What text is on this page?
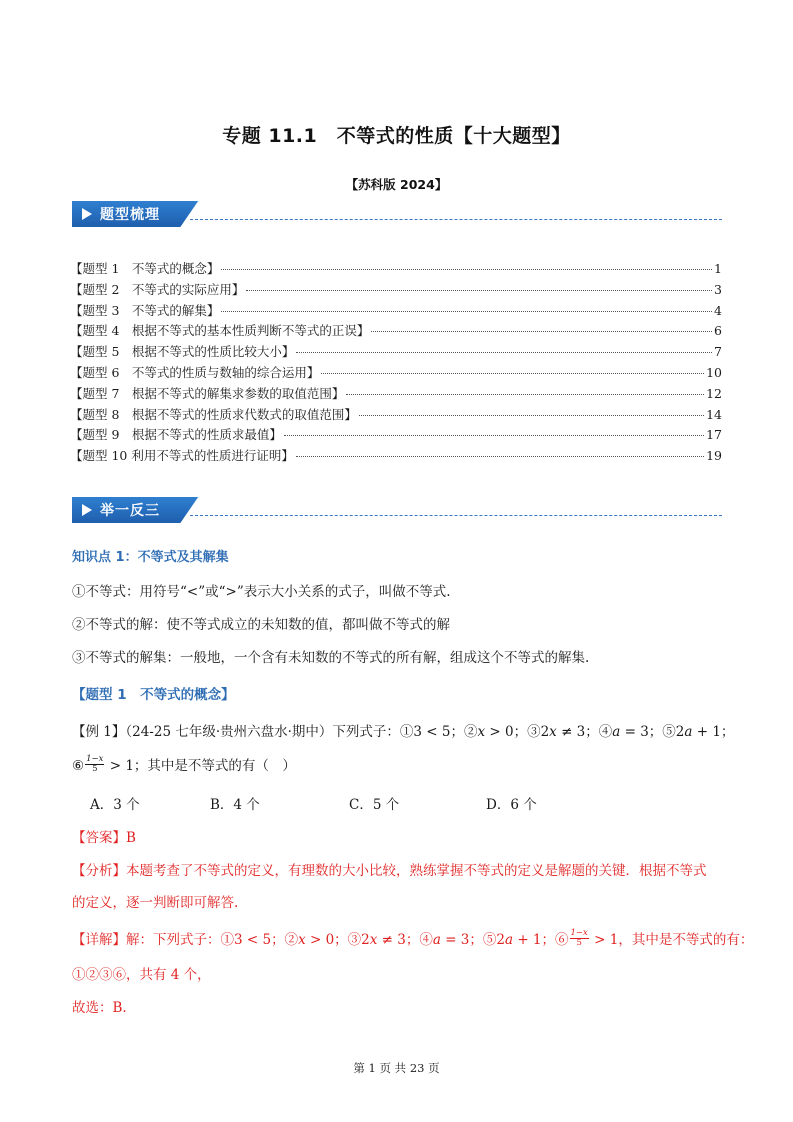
专题 11.1　不等式的性质【十大题型】
【苏科版 2024】
题型梳理
【题型 1　不等式的概念】	1
【题型 2　不等式的实际应用】	3
【题型 3　不等式的解集】	4
【题型 4　根据不等式的基本性质判断不等式的正误】	6
【题型 5　根据不等式的性质比较大小】	7
【题型 6　不等式的性质与数轴的综合运用】	10
【题型 7　根据不等式的解集求参数的取值范围】	12
【题型 8　根据不等式的性质求代数式的取值范围】	14
【题型 9　根据不等式的性质求最值】	17
【题型 10 利用不等式的性质进行证明】	19
举一反三
知识点 1：不等式及其解集
①不等式：用符号“<”或“>”表示大小关系的式子，叫做不等式.
②不等式的解：使不等式成立的未知数的值，都叫做不等式的解
③不等式的解集：一般地，一个含有未知数的不等式的所有解，组成这个不等式的解集.
【题型 1　不等式的概念】
【例 1】（24-25 七年级·贵州六盘水·期中）下列式子：①3 < 5；②𝑥 > 0；③2𝑥 ≠ 3；④𝑎 = 3；⑤2𝑎 + 1；
⑥ $\frac{\text{1−𝑥}}{5} > 1$；其中是不等式的有（　）
A．3 个	B．4 个	C．5 个	D．6 个
【答案】B
【分析】本题考查了不等式的定义，有理数的大小比较，熟练掌握不等式的定义是解题的关键．根据不等式
的定义，逐一判断即可解答.
【详解】解：下列式子：①3 < 5；②𝑥 > 0；③2𝑥 ≠ 3；④𝑎 = 3；⑤2𝑎 + 1；⑥ $\frac{\text{1−𝑥}}{5} > 1$，其中是不等式的有：
①②③⑥，共有 4 个，
故选：B.
第 1 页 共 23 页
